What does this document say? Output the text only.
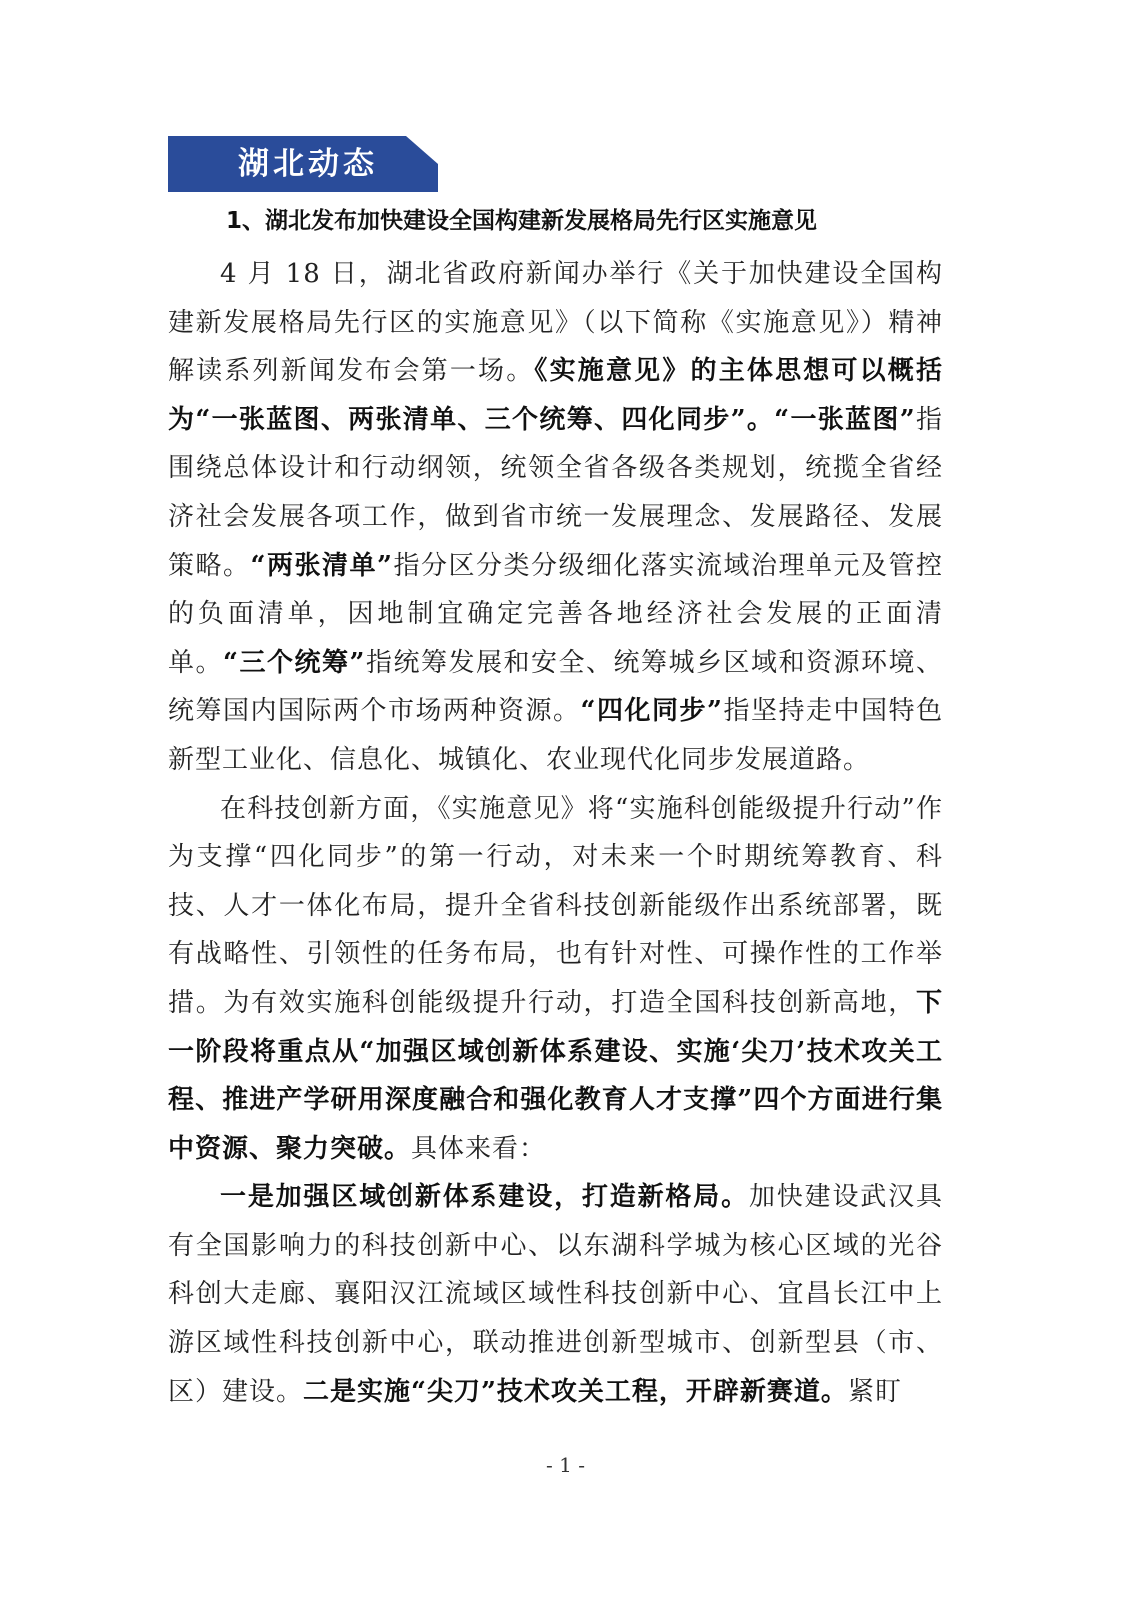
湖北动态
1、湖北发布加快建设全国构建新发展格局先行区实施意见

4 月 18 日，湖北省政府新闻办举行《关于加快建设全国构建新发展格局先行区的实施意见》（以下简称《实施意见》）精神解读系列新闻发布会第一场。《实施意见》的主体思想可以概括为“一张蓝图、两张清单、三个统筹、四化同步”。“一张蓝图”指围绕总体设计和行动纲领，统领全省各级各类规划，统揽全省经济社会发展各项工作，做到省市统一发展理念、发展路径、发展策略。“两张清单”指分区分类分级细化落实流域治理单元及管控的负面清单，因地制宜确定完善各地经济社会发展的正面清单。“三个统筹”指统筹发展和安全、统筹城乡区域和资源环境、统筹国内国际两个市场两种资源。“四化同步”指坚持走中国特色新型工业化、信息化、城镇化、农业现代化同步发展道路。

在科技创新方面，《实施意见》将“实施科创能级提升行动”作为支撑“四化同步”的第一行动，对未来一个时期统筹教育、科技、人才一体化布局，提升全省科技创新能级作出系统部署，既有战略性、引领性的任务布局，也有针对性、可操作性的工作举措。为有效实施科创能级提升行动，打造全国科技创新高地，下一阶段将重点从“加强区域创新体系建设、实施‘尖刀’技术攻关工程、推进产学研用深度融合和强化教育人才支撑”四个方面进行集中资源、聚力突破。具体来看：

一是加强区域创新体系建设，打造新格局。加快建设武汉具有全国影响力的科技创新中心、以东湖科学城为核心区域的光谷科创大走廊、襄阳汉江流域区域性科技创新中心、宜昌长江中上游区域性科技创新中心，联动推进创新型城市、创新型县（市、区）建设。二是实施“尖刀”技术攻关工程，开辟新赛道。紧盯

- 1 -
